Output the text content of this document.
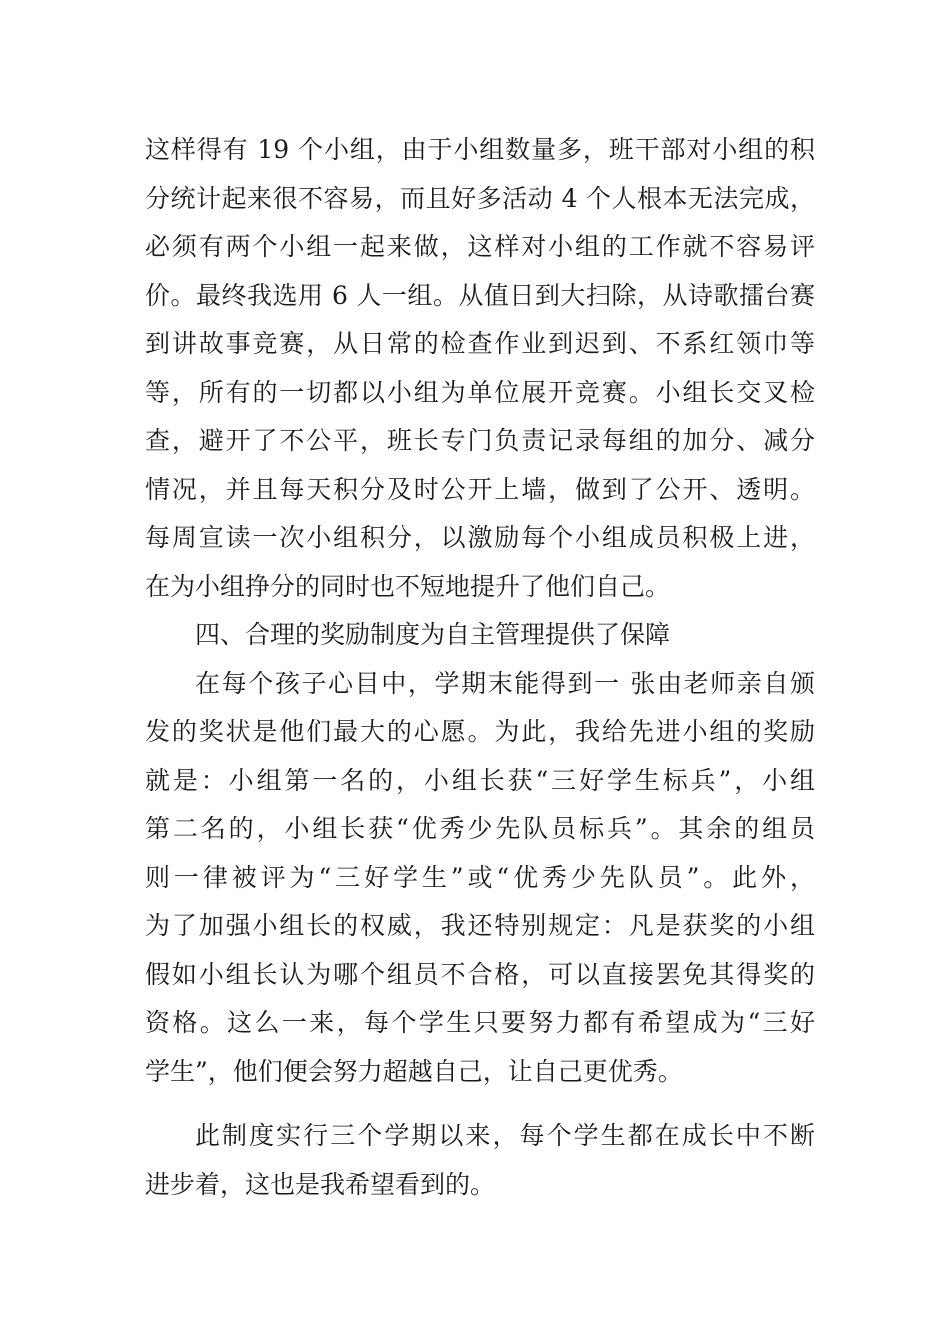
这样得有 19 个小组，由于小组数量多，班干部对小组的积
分统计起来很不容易，而且好多活动 4 个人根本无法完成，
必须有两个小组一起来做，这样对小组的工作就不容易评
价。最终我选用 6 人一组。从值日到大扫除，从诗歌擂台赛
到讲故事竞赛，从日常的检查作业到迟到、不系红领巾等
等，所有的一切都以小组为单位展开竞赛。小组长交叉检
查，避开了不公平，班长专门负责记录每组的加分、减分
情况，并且每天积分及时公开上墙，做到了公开、透明。
每周宣读一次小组积分，以激励每个小组成员积极上进，
在为小组挣分的同时也不短地提升了他们自己。
四、合理的奖励制度为自主管理提供了保障
在每个孩子心目中，学期末能得到一 张由老师亲自颁
发的奖状是他们最大的心愿。为此，我给先进小组的奖励
就是：小组第一名的，小组长获“三好学生标兵”，小组
第二名的，小组长获“优秀少先队员标兵”。其余的组员
则一律被评为“三好学生”或“优秀少先队员”。此外，
为了加强小组长的权威，我还特别规定：凡是获奖的小组
假如小组长认为哪个组员不合格，可以直接罢免其得奖的
资格。这么一来，每个学生只要努力都有希望成为“三好
学生”，他们便会努力超越自己，让自己更优秀。
此制度实行三个学期以来，每个学生都在成长中不断
进步着，这也是我希望看到的。
